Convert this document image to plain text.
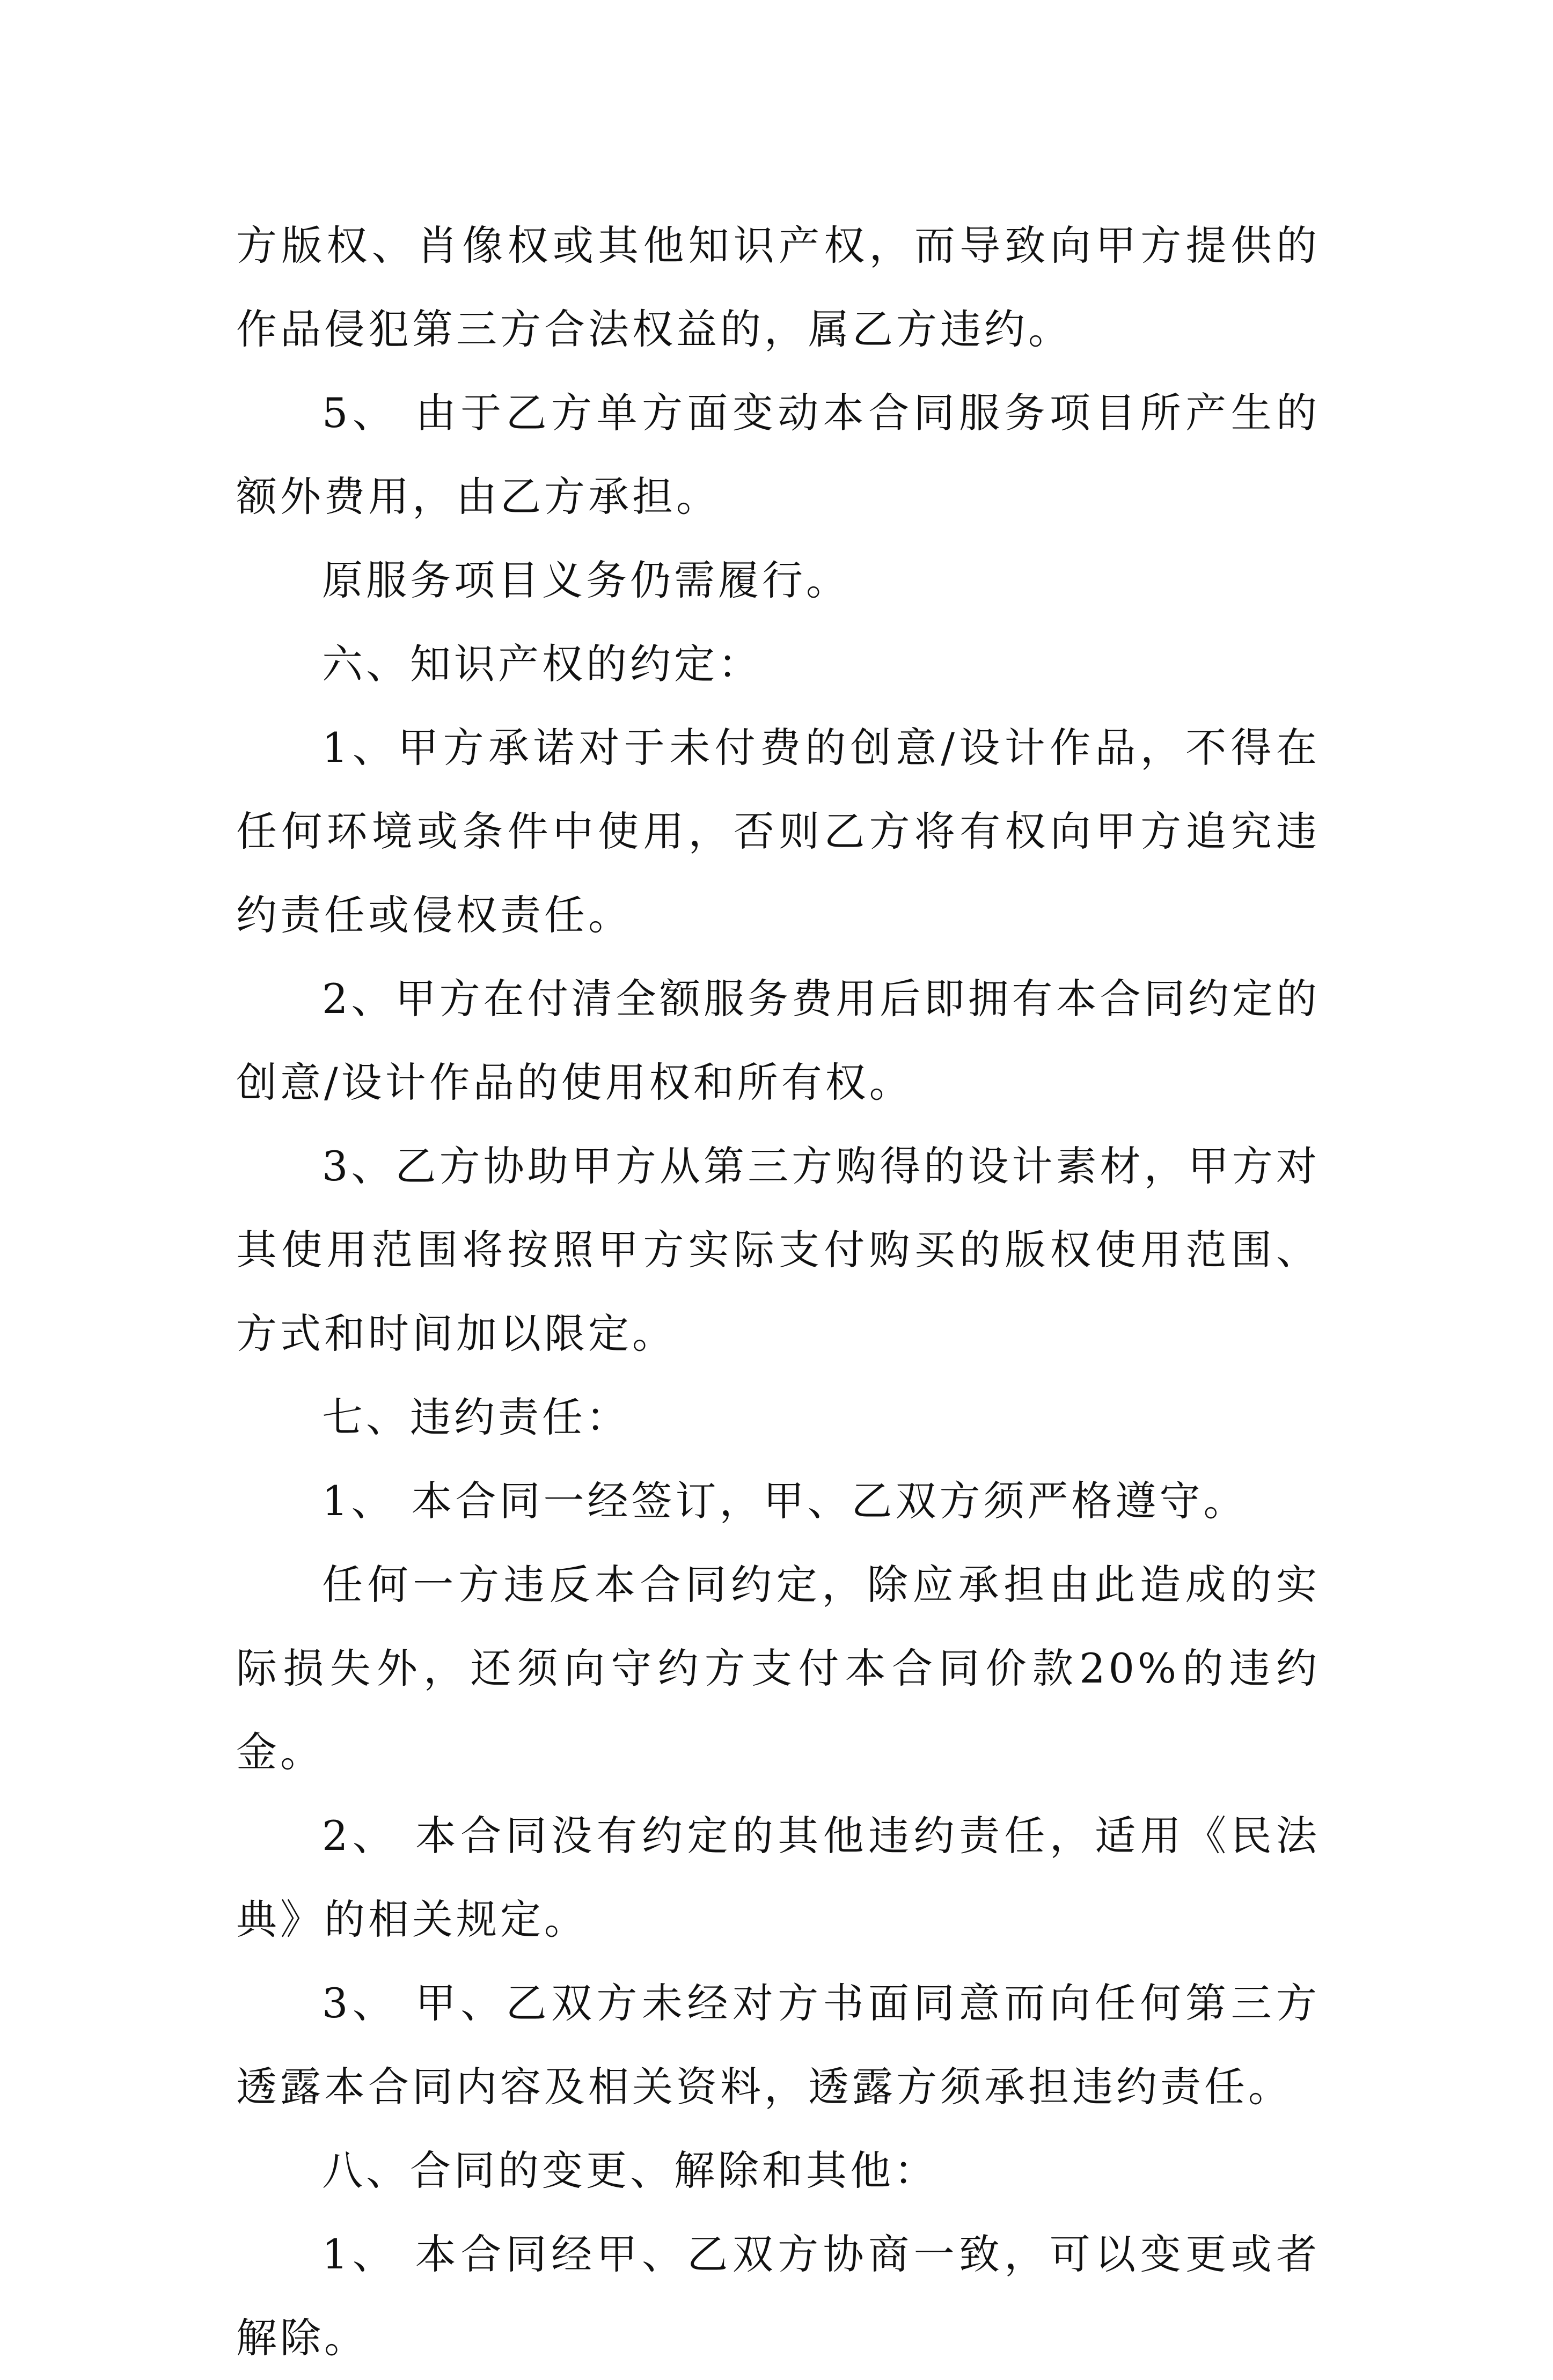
方版权、肖像权或其他知识产权，而导致向甲方提供的作品侵犯第三方合法权益的，属乙方违约。

5、 由于乙方单方面变动本合同服务项目所产生的额外费用，由乙方承担。

原服务项目义务仍需履行。

六、知识产权的约定：

1、甲方承诺对于未付费的创意/设计作品，不得在任何环境或条件中使用，否则乙方将有权向甲方追究违约责任或侵权责任。

2、甲方在付清全额服务费用后即拥有本合同约定的创意/设计作品的使用权和所有权。

3、乙方协助甲方从第三方购得的设计素材，甲方对其使用范围将按照甲方实际支付购买的版权使用范围、方式和时间加以限定。

七、违约责任：

1、 本合同一经签订，甲、乙双方须严格遵守。

任何一方违反本合同约定，除应承担由此造成的实际损失外，还须向守约方支付本合同价款20%的违约金。

2、 本合同没有约定的其他违约责任，适用《民法典》的相关规定。

3、 甲、乙双方未经对方书面同意而向任何第三方透露本合同内容及相关资料，透露方须承担违约责任。

八、合同的变更、解除和其他：

1、 本合同经甲、乙双方协商一致，可以变更或者解除。
